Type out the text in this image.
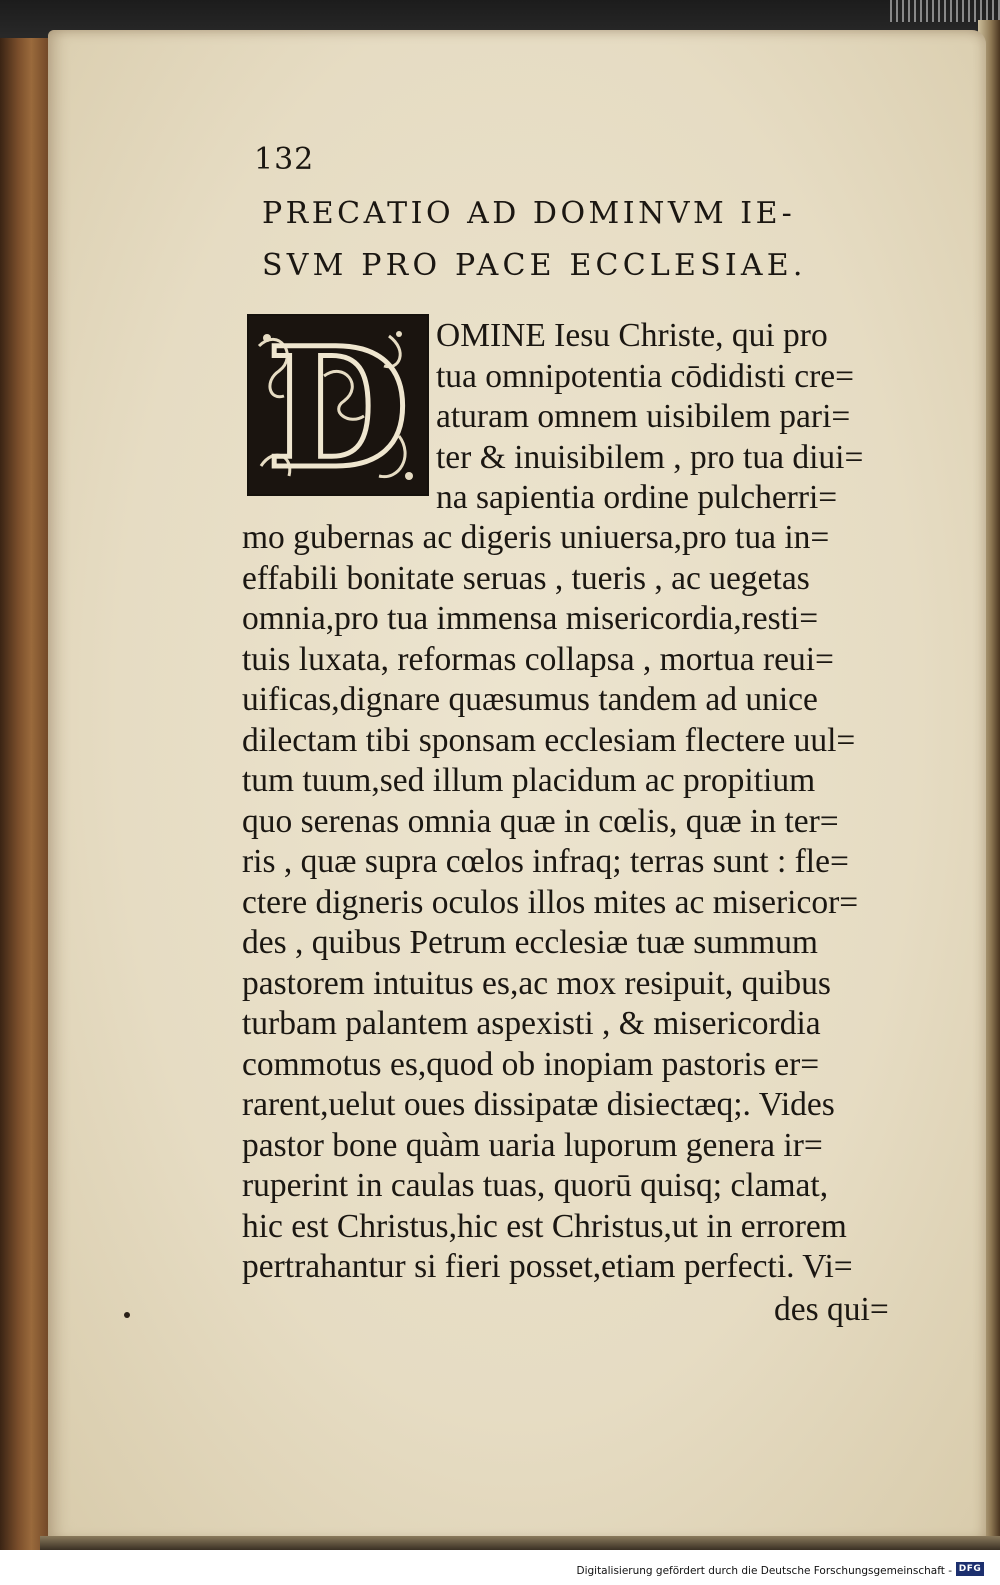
132
PRECATIO AD DOMINVM IE-
SVM PRO PACE ECCLESIAE.
D OMINE Iesu Christe, qui pro
tua omnipotentia cōdidisti cre=
aturam omnem uisibilem pari=
ter & inuisibilem , pro tua diui=
na sapientia ordine pulcherri=
mo gubernas ac digeris uniuersa,pro tua in=
effabili bonitate seruas , tueris , ac uegetas
omnia,pro tua immensa misericordia,resti=
tuis luxata, reformas collapsa , mortua reui=
uificas,dignare quæsumus tandem ad unice
dilectam tibi sponsam ecclesiam flectere uul=
tum tuum,sed illum placidum ac propitium
quo serenas omnia quæ in cœlis, quæ in ter=
ris , quæ supra cœlos infraq; terras sunt : fle=
ctere digneris oculos illos mites ac misericor=
des , quibus Petrum ecclesiæ tuæ summum
pastorem intuitus es,ac mox resipuit, quibus
turbam palantem aspexisti , & misericordia
commotus es,quod ob inopiam pastoris er=
rarent,uelut oues dissipatæ disiectæq;. Vides
pastor bone quàm uaria luporum genera ir=
ruperint in caulas tuas, quorū quisq; clamat,
hic est Christus,hic est Christus,ut in errorem
pertrahantur si fieri posset,etiam perfecti. Vi=
des qui=
Digitalisierung gefördert durch die Deutsche Forschungsgemeinschaft - DFG
